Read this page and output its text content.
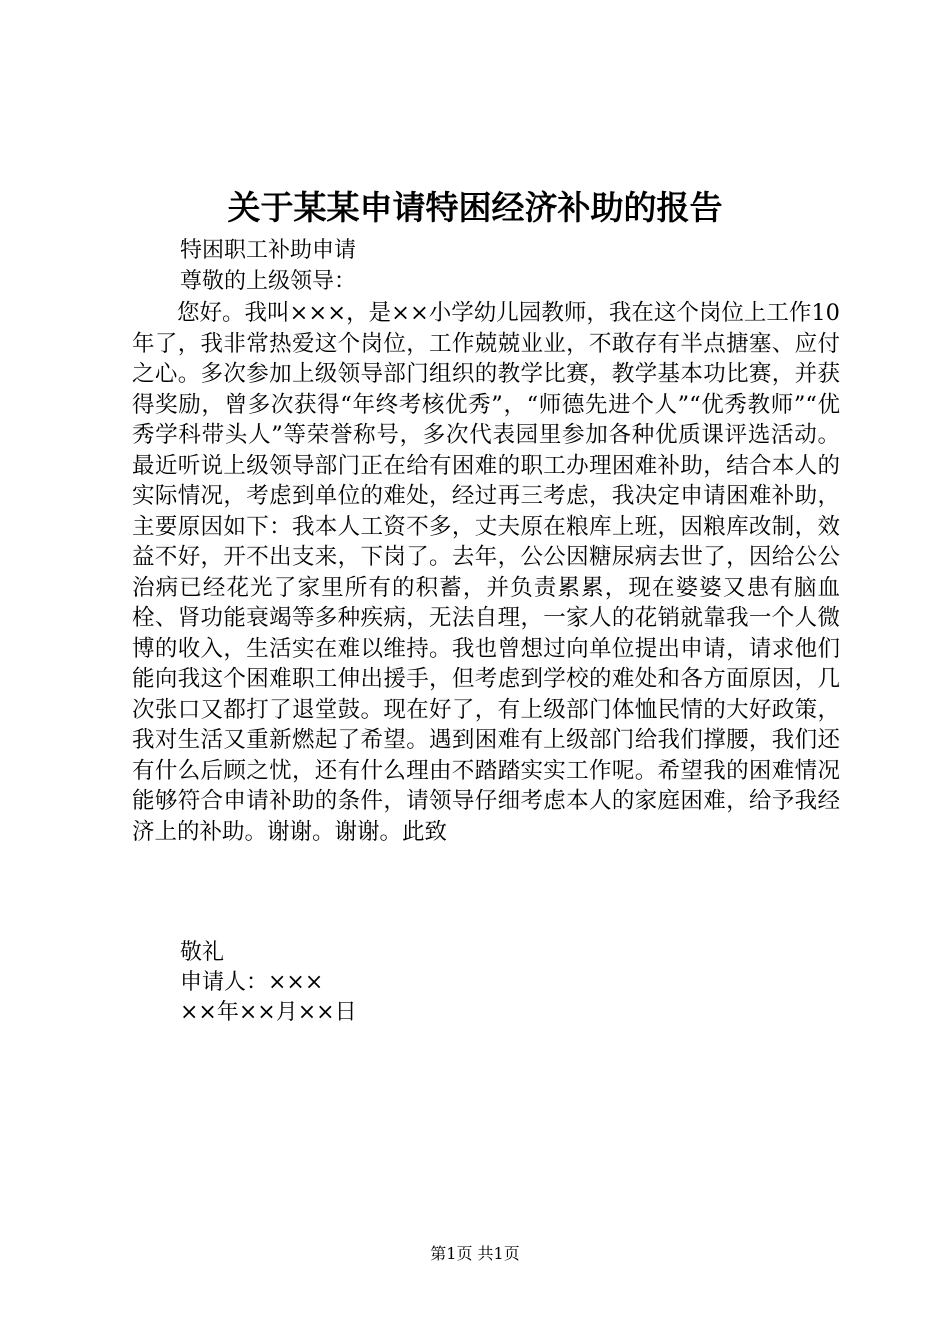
关于某某申请特困经济补助的报告
特困职工补助申请
尊敬的上级领导：

您好。我叫×××，是××小学幼儿园教师，我在这个岗位上工作10年了，我非常热爱这个岗位，工作兢兢业业，不敢存有半点搪塞、应付之心。多次参加上级领导部门组织的教学比赛，教学基本功比赛，并获得奖励，曾多次获得“年终考核优秀”，“师德先进个人”“优秀教师”“优秀学科带头人”等荣誉称号，多次代表园里参加各种优质课评选活动。最近听说上级领导部门正在给有困难的职工办理困难补助，结合本人的实际情况，考虑到单位的难处，经过再三考虑，我决定申请困难补助，主要原因如下：我本人工资不多，丈夫原在粮库上班，因粮库改制，效益不好，开不出支来，下岗了。去年，公公因糖尿病去世了，因给公公治病已经花光了家里所有的积蓄，并负责累累，现在婆婆又患有脑血栓、肾功能衰竭等多种疾病，无法自理，一家人的花销就靠我一个人微博的收入，生活实在难以维持。我也曾想过向单位提出申请，请求他们能向我这个困难职工伸出援手，但考虑到学校的难处和各方面原因，几次张口又都打了退堂鼓。现在好了，有上级部门体恤民情的大好政策，我对生活又重新燃起了希望。遇到困难有上级部门给我们撑腰，我们还有什么后顾之忧，还有什么理由不踏踏实实工作呢。希望我的困难情况能够符合申请补助的条件，请领导仔细考虑本人的家庭困难，给予我经济上的补助。谢谢。谢谢。此致

敬礼
申请人：×××
××年××月××日
第1页 共1页
